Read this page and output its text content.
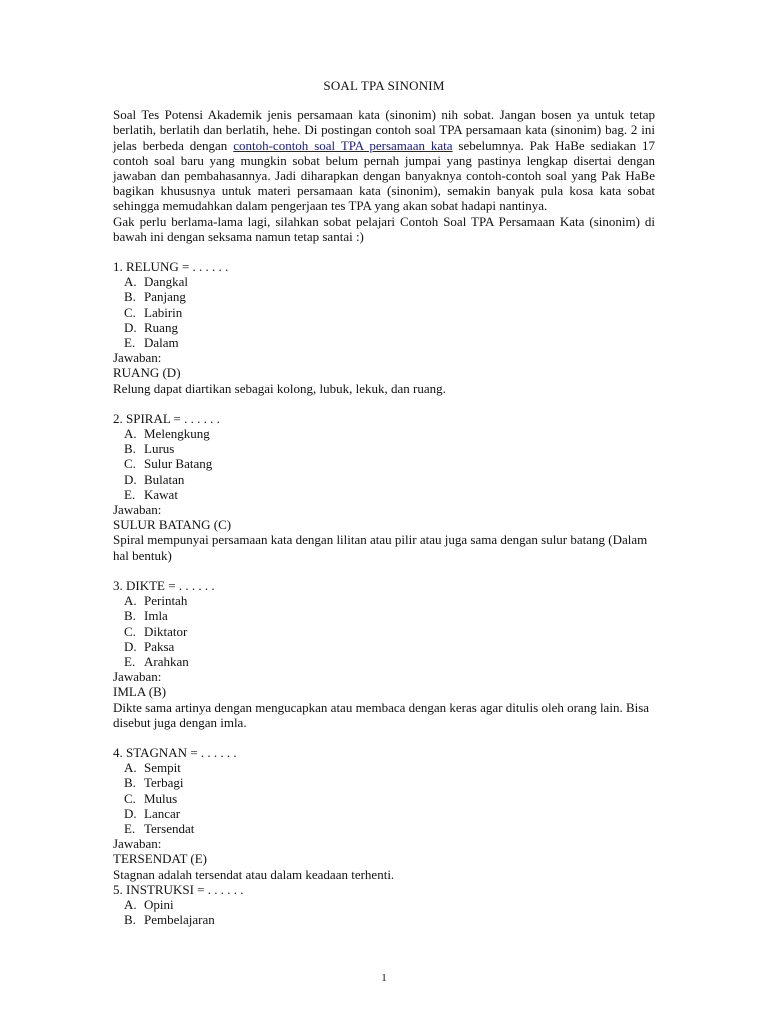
SOAL TPA SINONIM

Soal Tes Potensi Akademik jenis persamaan kata (sinonim) nih sobat. Jangan bosen ya untuk tetap berlatih, berlatih dan berlatih, hehe. Di postingan contoh soal TPA persamaan kata (sinonim) bag. 2 ini jelas berbeda dengan contoh-contoh soal TPA persamaan kata sebelumnya. Pak HaBe sediakan 17 contoh soal baru yang mungkin sobat belum pernah jumpai yang pastinya lengkap disertai dengan jawaban dan pembahasannya. Jadi diharapkan dengan banyaknya contoh-contoh soal yang Pak HaBe bagikan khususnya untuk materi persamaan kata (sinonim), semakin banyak pula kosa kata sobat sehingga memudahkan dalam pengerjaan tes TPA yang akan sobat hadapi nantinya.

Gak perlu berlama-lama lagi, silahkan sobat pelajari Contoh Soal TPA Persamaan Kata (sinonim) di bawah ini dengan seksama namun tetap santai :)

1. RELUNG = . . . . . .
A. Dangkal
B. Panjang
C. Labirin
D. Ruang
E. Dalam
Jawaban:
RUANG (D)
Relung dapat diartikan sebagai kolong, lubuk, lekuk, dan ruang.
2. SPIRAL = . . . . . .
A. Melengkung
B. Lurus
C. Sulur Batang
D. Bulatan
E. Kawat
Jawaban:
SULUR BATANG (C)
Spiral mempunyai persamaan kata dengan lilitan atau pilir atau juga sama dengan sulur batang (Dalam hal bentuk)
3. DIKTE = . . . . . .
A. Perintah
B. Imla
C. Diktator
D. Paksa
E. Arahkan
Jawaban:
IMLA (B)
Dikte sama artinya dengan mengucapkan atau membaca dengan keras agar ditulis oleh orang lain. Bisa disebut juga dengan imla.
4. STAGNAN = . . . . . .
A. Sempit
B. Terbagi
C. Mulus
D. Lancar
E. Tersendat
Jawaban:
TERSENDAT (E)
Stagnan adalah tersendat atau dalam keadaan terhenti.
5. INSTRUKSI = . . . . . .
A. Opini
B. Pembelajaran
1
